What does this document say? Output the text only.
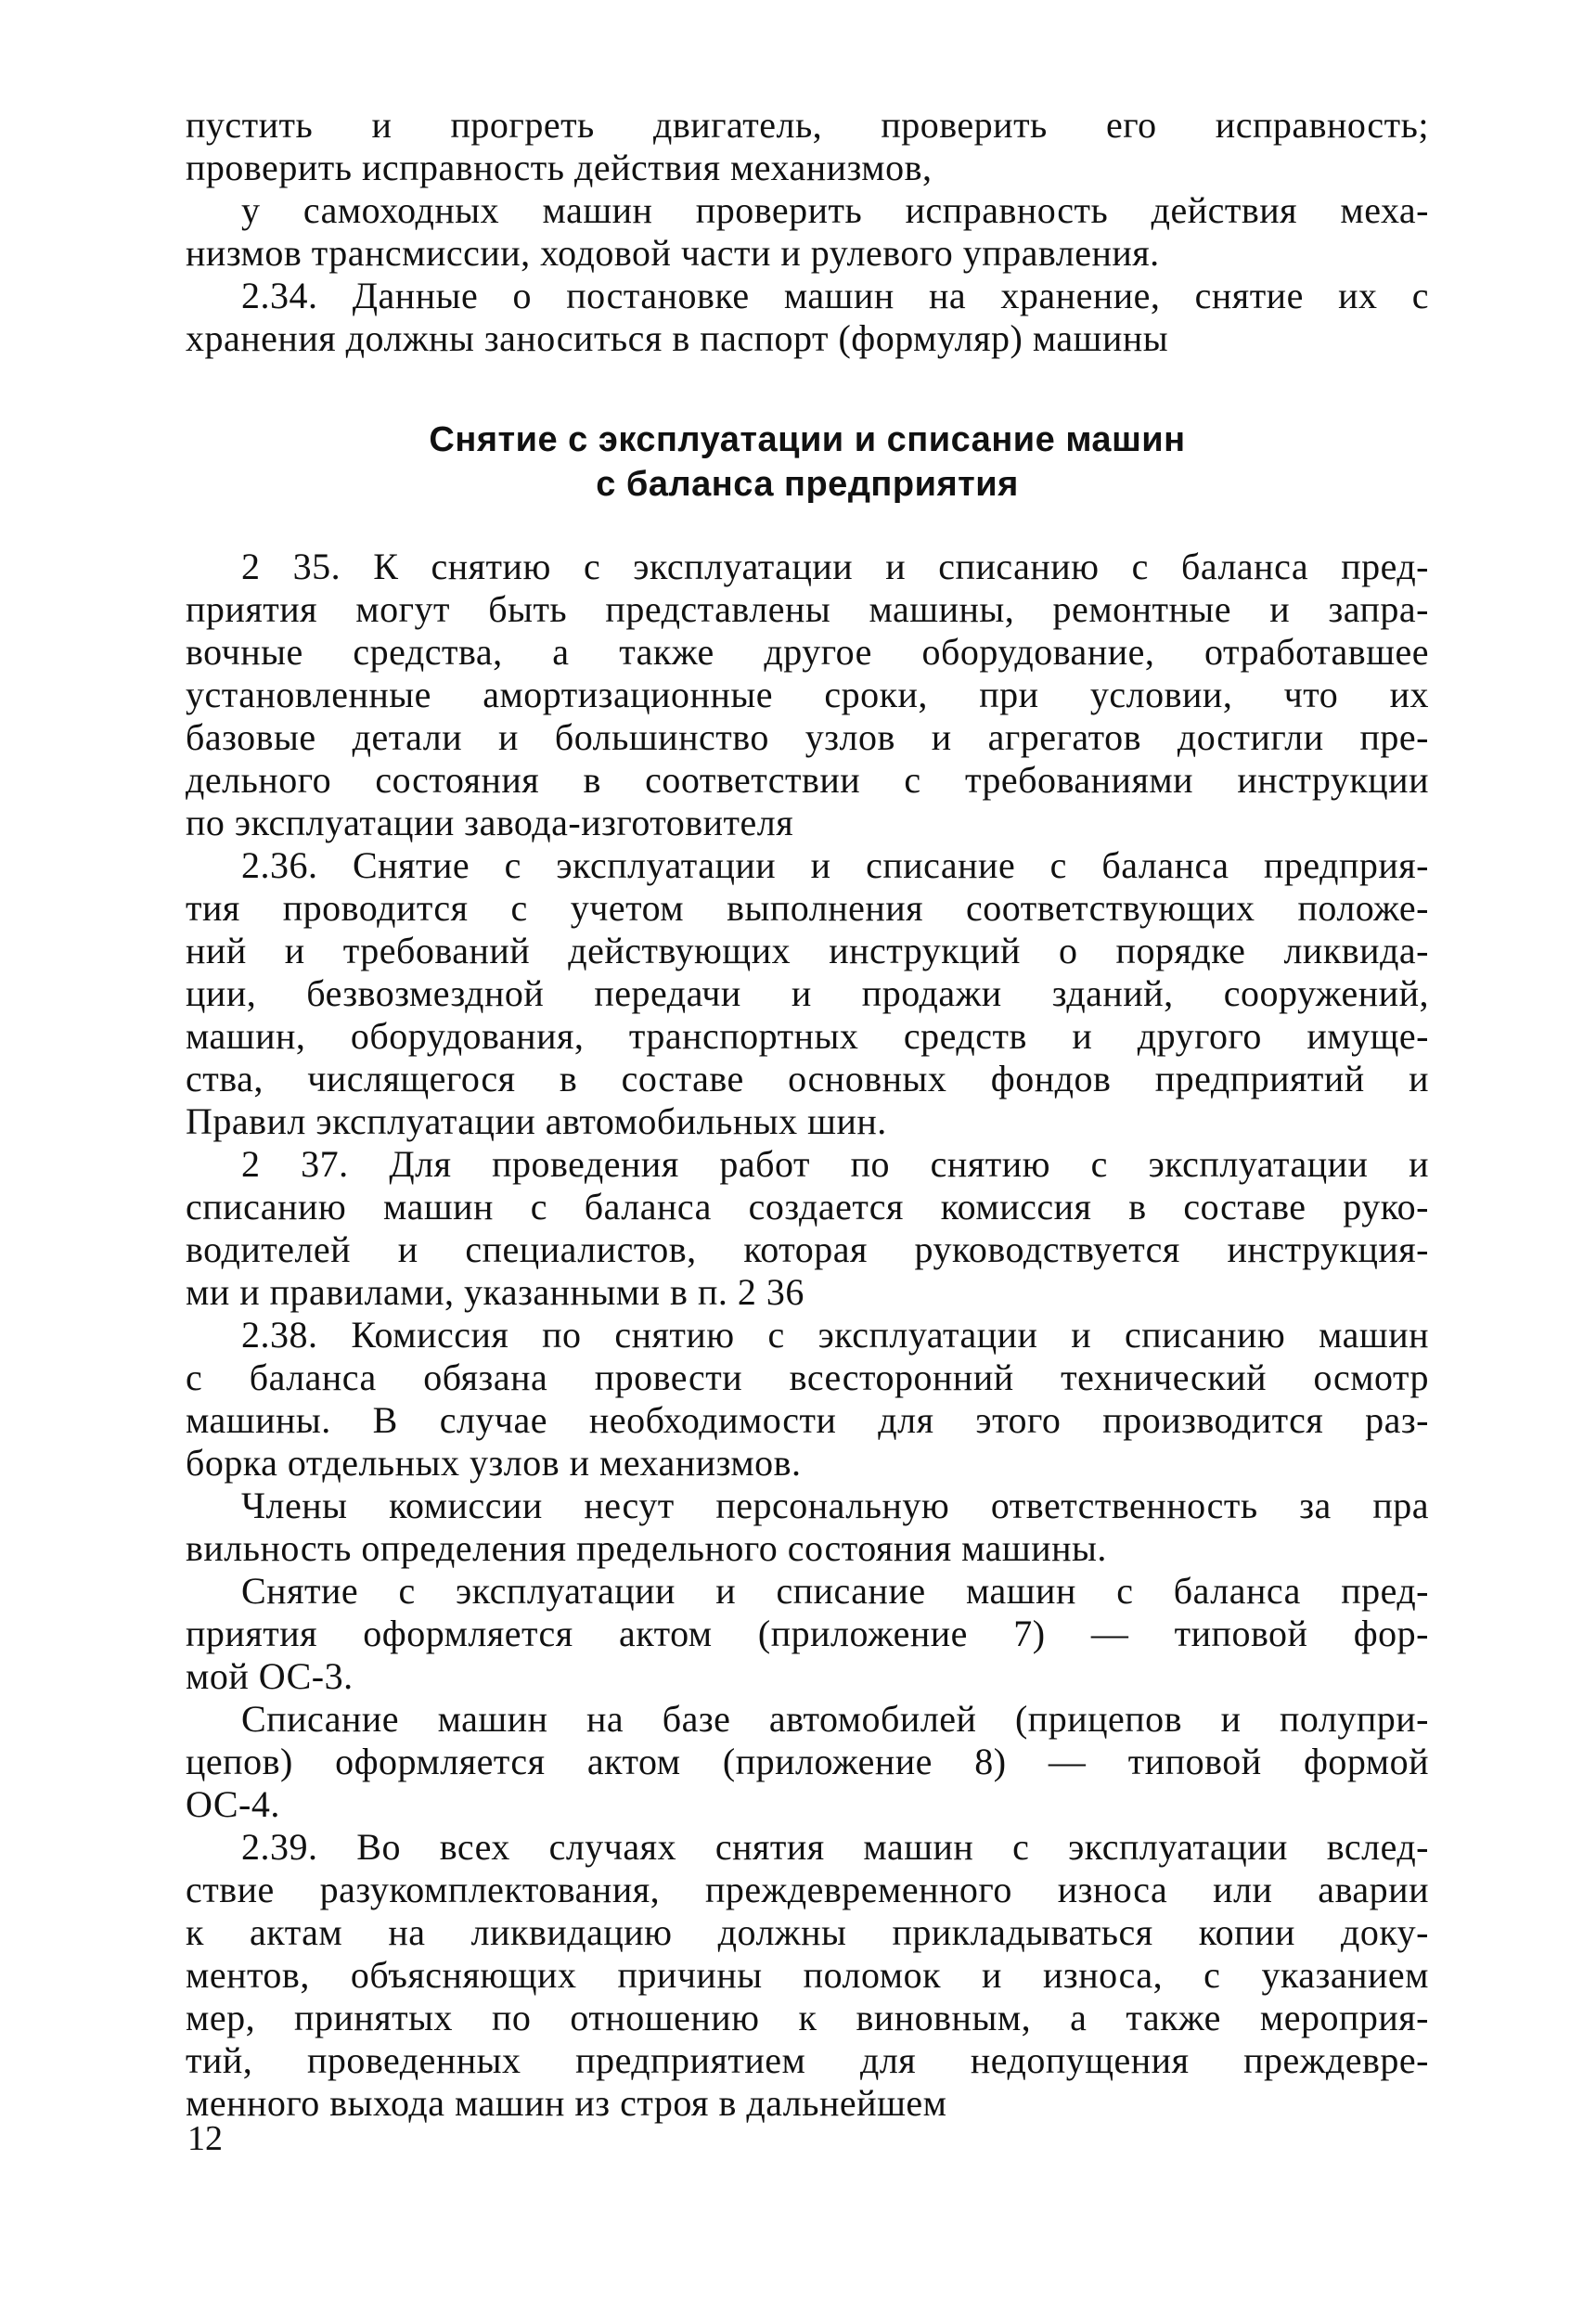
пустить и прогреть двигатель, проверить его исправность;
проверить исправность действия механизмов,
у самоходных машин проверить исправность действия меха-
низмов трансмиссии, ходовой части и рулевого управления.
2.34. Данные о постановке машин на хранение, снятие их с
хранения должны заноситься в паспорт (формуляр) машины
Снятие с эксплуатации и списание машин
с баланса предприятия
2 35. К снятию с эксплуатации и списанию с баланса пред-
приятия могут быть представлены машины, ремонтные и запра-
вочные средства, а также другое оборудование, отработавшее
установленные амортизационные сроки, при условии, что их
базовые детали и большинство узлов и агрегатов достигли пре-
дельного состояния в соответствии с требованиями инструкции
по эксплуатации завода-изготовителя
2.36. Снятие с эксплуатации и списание с баланса предприя-
тия проводится с учетом выполнения соответствующих положе-
ний и требований действующих инструкций о порядке ликвида-
ции, безвозмездной передачи и продажи зданий, сооружений,
машин, оборудования, транспортных средств и другого имуще-
ства, числящегося в составе основных фондов предприятий и
Правил эксплуатации автомобильных шин.
2 37. Для проведения работ по снятию с эксплуатации и
списанию машин с баланса создается комиссия в составе руко-
водителей и специалистов, которая руководствуется инструкция-
ми и правилами, указанными в п. 2 36
2.38. Комиссия по снятию с эксплуатации и списанию машин
с баланса обязана провести всесторонний технический осмотр
машины. В случае необходимости для этого производится раз-
борка отдельных узлов и механизмов.
Члены комиссии несут персональную ответственность за пра
вильность определения предельного состояния машины.
Снятие с эксплуатации и списание машин с баланса пред-
приятия оформляется актом (приложение 7) — типовой фор-
мой ОС-3.
Списание машин на базе автомобилей (прицепов и полупри-
цепов) оформляется актом (приложение 8) — типовой формой
ОС-4.
2.39. Во всех случаях снятия машин с эксплуатации вслед-
ствие разукомплектования, преждевременного износа или аварии
к актам на ликвидацию должны прикладываться копии доку-
ментов, объясняющих причины поломок и износа, с указанием
мер, принятых по отношению к виновным, а также мероприя-
тий, проведенных предприятием для недопущения преждевре-
менного выхода машин из строя в дальнейшем
12
